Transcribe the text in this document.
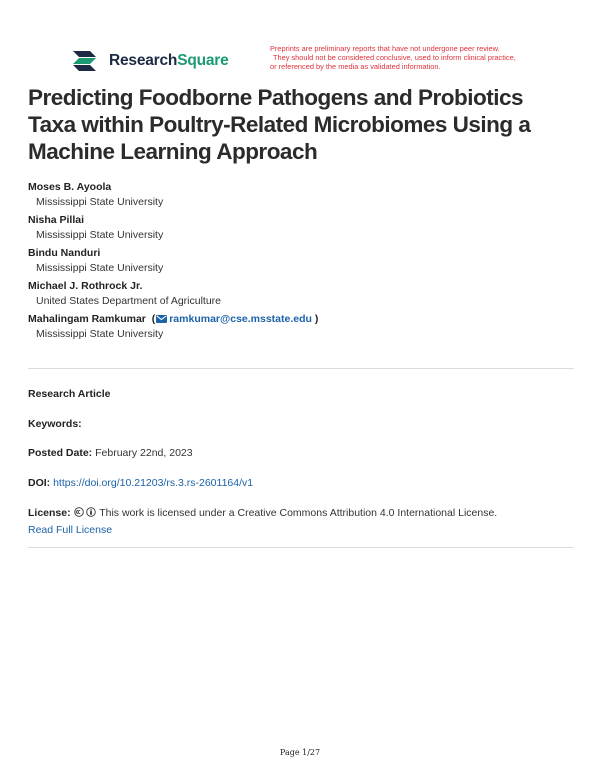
ResearchSquare
Preprints are preliminary reports that have not undergone peer review.
They should not be considered conclusive, used to inform clinical practice,
or referenced by the media as validated information.
Predicting Foodborne Pathogens and Probiotics Taxa within Poultry-Related Microbiomes Using a Machine Learning Approach
Moses B. Ayoola
Mississippi State University
Nisha Pillai
Mississippi State University
Bindu Nanduri
Mississippi State University
Michael J. Rothrock Jr.
United States Department of Agriculture
Mahalingam Ramkumar  ( ramkumar@cse.msstate.edu )
Mississippi State University
Research Article
Keywords:
Posted Date: February 22nd, 2023
DOI: https://doi.org/10.21203/rs.3.rs-2601164/v1
License:	This work is licensed under a Creative Commons Attribution 4.0 International License.
Read Full License
Page 1/27
